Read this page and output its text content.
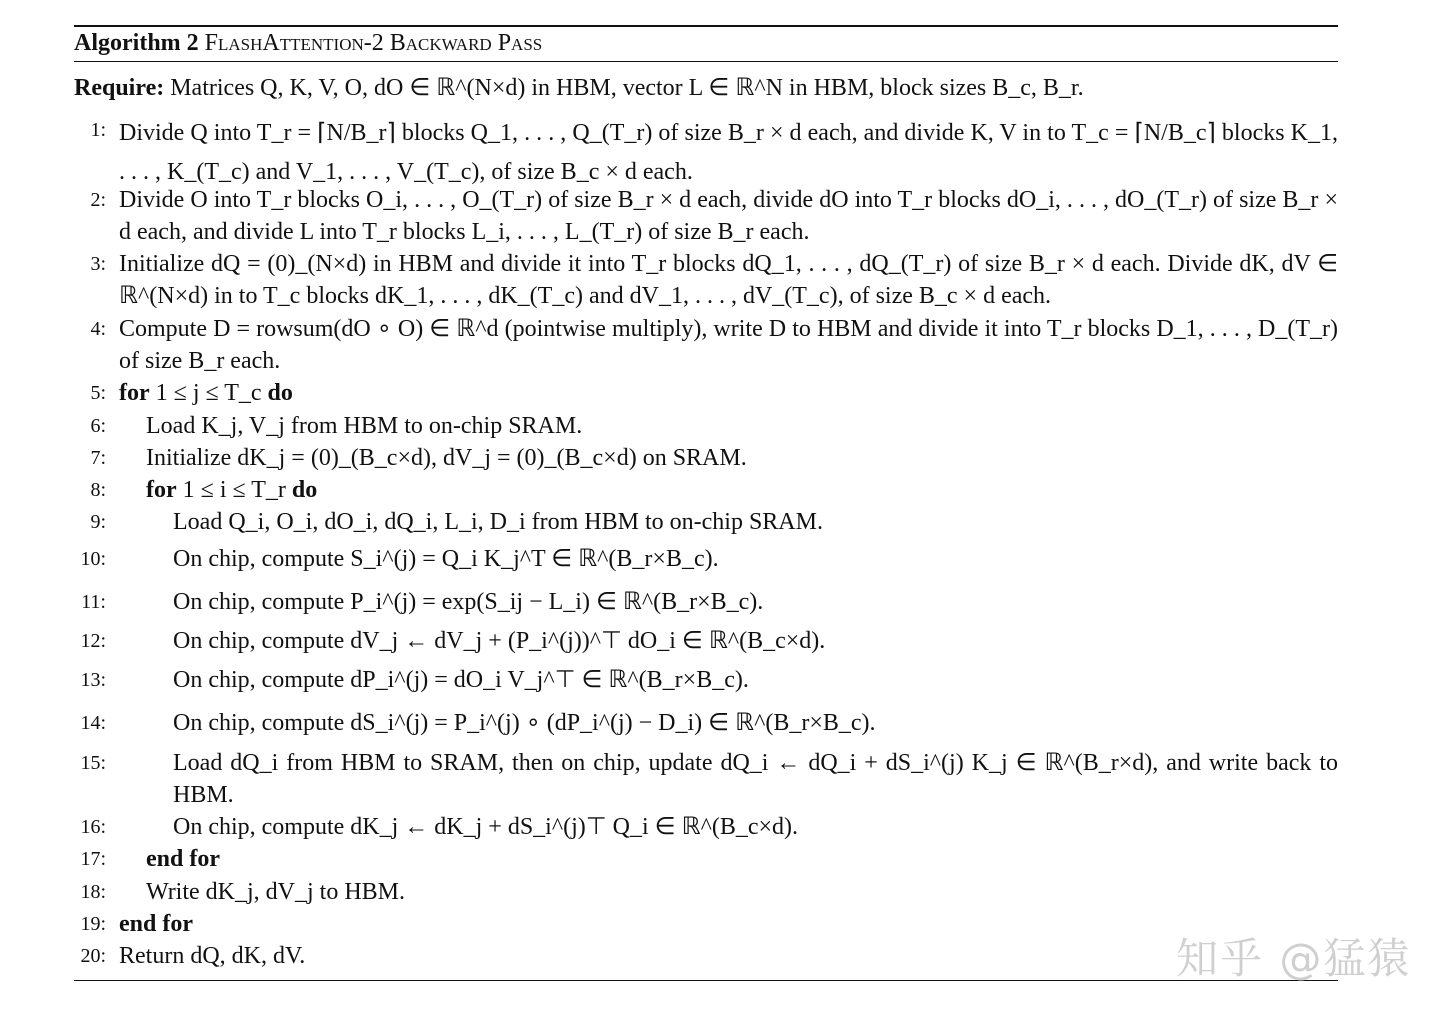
Algorithm 2 FlashAttention-2 Backward Pass
Require: Matrices Q, K, V, O, dO ∈ ℝ^(N×d) in HBM, vector L ∈ ℝ^N in HBM, block sizes B_c, B_r.
1: Divide Q into T_r = ⌈N/B_r⌉ blocks Q_1, . . . , Q_(T_r) of size B_r × d each, and divide K, V in to T_c = ⌈N/B_c⌉ blocks K_1, . . . , K_(T_c) and V_1, . . . , V_(T_c), of size B_c × d each.
2: Divide O into T_r blocks O_i, . . . , O_(T_r) of size B_r × d each, divide dO into T_r blocks dO_i, . . . , dO_(T_r) of size B_r × d each, and divide L into T_r blocks L_i, . . . , L_(T_r) of size B_r each.
3: Initialize dQ = (0)_(N×d) in HBM and divide it into T_r blocks dQ_1, . . . , dQ_(T_r) of size B_r × d each. Divide dK, dV ∈ ℝ^(N×d) in to T_c blocks dK_1, . . . , dK_(T_c) and dV_1, . . . , dV_(T_c), of size B_c × d each.
4: Compute D = rowsum(dO ∘ O) ∈ ℝ^d (pointwise multiply), write D to HBM and divide it into T_r blocks D_1, . . . , D_(T_r) of size B_r each.
5: for 1 ≤ j ≤ T_c do
6: Load K_j, V_j from HBM to on-chip SRAM.
7: Initialize dK_j = (0)_(B_c×d), dV_j = (0)_(B_c×d) on SRAM.
8: for 1 ≤ i ≤ T_r do
9:	Load Q_i, O_i, dO_i, dQ_i, L_i, D_i from HBM to on-chip SRAM.
10:	On chip, compute S_i^(j) = Q_i K_j^T ∈ ℝ^(B_r×B_c).
11:	On chip, compute P_i^(j) = exp(S_ij − L_i) ∈ ℝ^(B_r×B_c).
12:	On chip, compute dV_j ← dV_j + (P_i^(j))^⊤ dO_i ∈ ℝ^(B_c×d).
13:	On chip, compute dP_i^(j) = dO_i V_j^⊤ ∈ ℝ^(B_r×B_c).
14:	On chip, compute dS_i^(j) = P_i^(j) ∘ (dP_i^(j) − D_i) ∈ ℝ^(B_r×B_c).
15:	Load dQ_i from HBM to SRAM, then on chip, update dQ_i ← dQ_i + dS_i^(j) K_j ∈ ℝ^(B_r×d), and write back to HBM.
16:	On chip, compute dK_j ← dK_j + dS_i^(j)⊤ Q_i ∈ ℝ^(B_c×d).
17: end for
18: Write dK_j, dV_j to HBM.
19: end for
20: Return dQ, dK, dV.	知乎 @猛猿
